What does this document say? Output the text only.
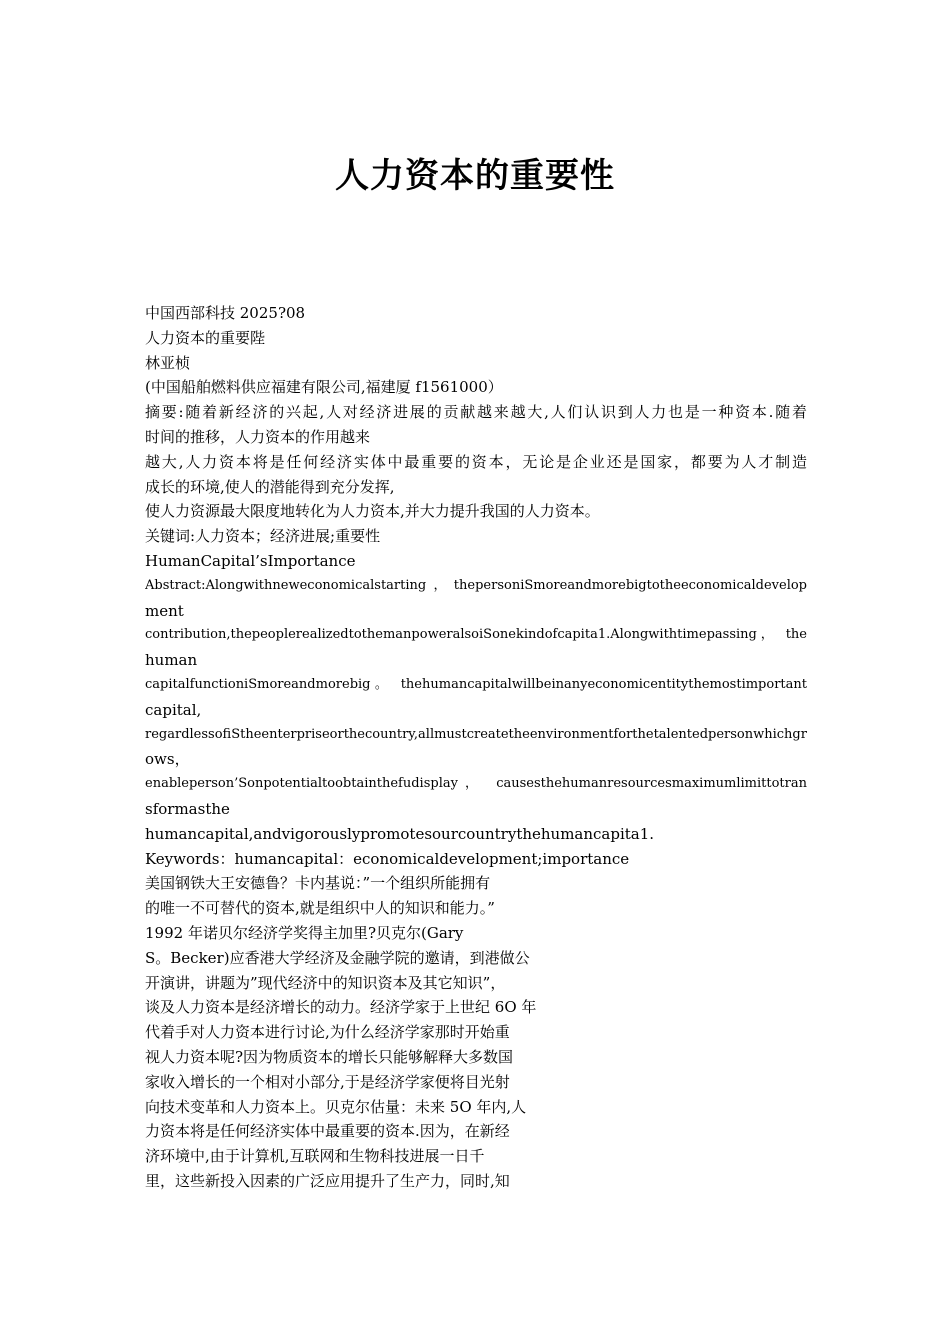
人力资本的重要性
中国西部科技 2025?08
人力资本的重要陛
林亚桢
(中国船舶燃料供应福建有限公司,福建厦 f1561000）
摘要:随着新经济的兴起,人对经济进展的贡献越来越大,人们认识到人力也是一种资本.随着
时间的推移，人力资本的作用越来
越大,人力资本将是任何经济实体中最重要的资本，无论是企业还是国家，都要为人才制造
成长的环境,使人的潜能得到充分发挥,
使人力资源最大限度地转化为人力资本,并大力提升我国的人力资本。
关键词:人力资本；经济进展;重要性
HumanCapital’sImportance
Abstract:Alongwithneweconomicalstarting，thepersoniSmoreandmorebigtotheeconomicaldevelop
ment
contribution,thepeoplerealizedtothemanpoweralsoiSonekindofcapita1.Alongwithtimepassing， the
human
capitalfunctioniSmoreandmorebig。 thehumancapitalwillbeinanyeconomicentitythemostimportant
capital,
regardlessofiStheenterpriseorthecountry,allmustcreatetheenvironmentforthetalentedpersonwhichgr
ows，
enableperson’Sonpotentialtoobtainthefudisplay， causesthehumanresourcesmaximumlimittotran
sformasthe
humancapital,andvigorouslypromotesourcountrythehumancapita1.
Keywords：humancapital：economicaldevelopment;importance
美国钢铁大王安德鲁？卡内基说：”一个组织所能拥有
的唯一不可替代的资本,就是组织中人的知识和能力。”
1992 年诺贝尔经济学奖得主加里?贝克尔(Gary
S。Becker)应香港大学经济及金融学院的邀请，到港做公
开演讲，讲题为”现代经济中的知识资本及其它知识”，
谈及人力资本是经济增长的动力。经济学家于上世纪 6O 年
代着手对人力资本进行讨论,为什么经济学家那时开始重
视人力资本呢?因为物质资本的增长只能够解释大多数国
家收入增长的一个相对小部分,于是经济学家便将目光射
向技术变革和人力资本上。贝克尔估量：未来 5O 年内,人
力资本将是任何经济实体中最重要的资本.因为，在新经
济环境中,由于计算机,互联网和生物科技进展一日千
里，这些新投入因素的广泛应用提升了生产力，同时,知
